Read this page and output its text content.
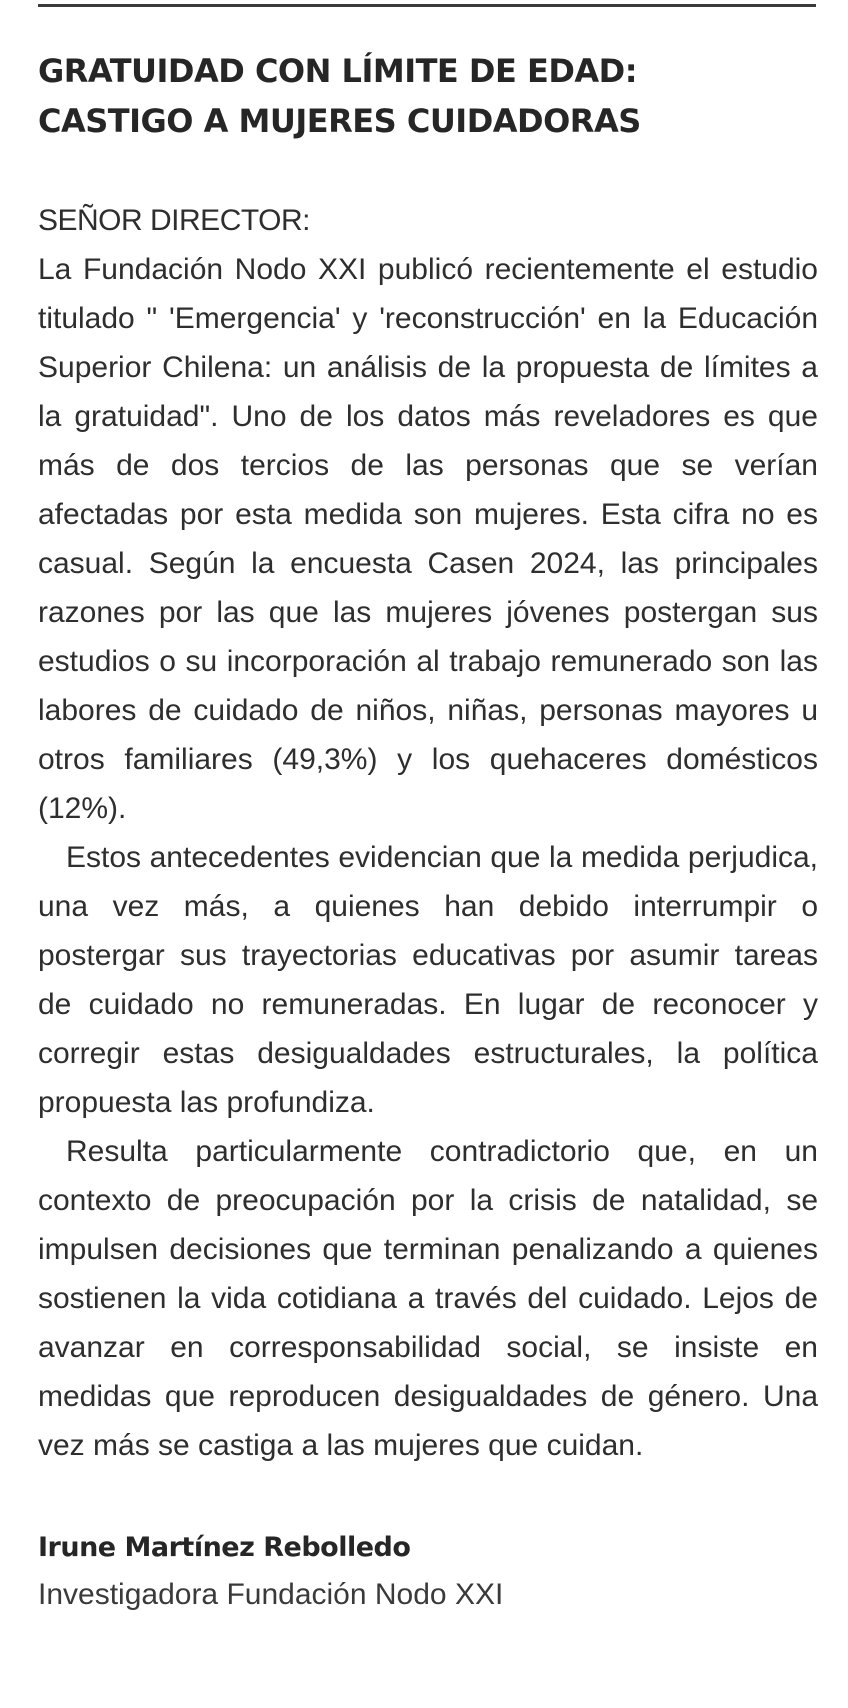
GRATUIDAD CON LÍMITE DE EDAD:
CASTIGO A MUJERES CUIDADORAS
SEÑOR DIRECTOR:

La Fundación Nodo XXI publicó recientemente el estudio titulado " 'Emergencia' y 'reconstrucción' en la Educación Superior Chilena: un análisis de la propuesta de límites a la gratuidad". Uno de los datos más reveladores es que más de dos tercios de las personas que se verían afectadas por esta medida son mujeres. Esta cifra no es casual. Según la encuesta Casen 2024, las principales razones por las que las mujeres jóvenes postergan sus estudios o su incorporación al trabajo remunerado son las labores de cuidado de niños, niñas, personas mayores u otros familiares (49,3%) y los quehaceres domésticos (12%).

Estos antecedentes evidencian que la medida perjudica, una vez más, a quienes han debido interrumpir o postergar sus trayectorias educativas por asumir tareas de cuidado no remuneradas. En lugar de reconocer y corregir estas desigualdades estructurales, la política propuesta las profundiza.

Resulta particularmente contradictorio que, en un contexto de preocupación por la crisis de natalidad, se impulsen decisiones que terminan penalizando a quienes sostienen la vida cotidiana a través del cuidado. Lejos de avanzar en corresponsabilidad social, se insiste en medidas que reproducen desigualdades de género. Una vez más se castiga a las mujeres que cuidan.

Irune Martínez Rebolledo

Investigadora Fundación Nodo XXI
